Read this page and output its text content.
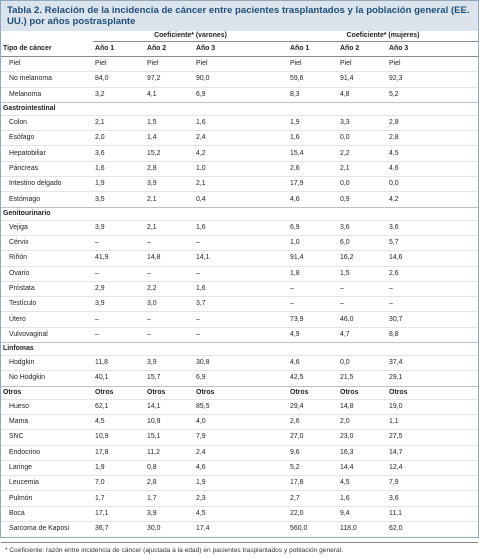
Tabla 2. Relación de la incidencia de cáncer entre pacientes trasplantados y la población general (EE. UU.) por años postrasplante
	Coeficiente* (varones)			Coeficiente* (mujeres)		
Tipo de cáncer	Año 1	Año 2	Año 3	Año 1	Año 2	Año 3
Piel	Piel	Piel	Piel	Piel	Piel	Piel
No melanoma	84,0	97,2	90,0	59,6	91,4	92,3
Melanoma	3,2	4,1	6,9	8,3	4,8	5,2
Gastrointestinal						
Colon	2,1	1,5	1,6	1,9	3,3	2,8
Esófago	2,0	1,4	2,4	1,6	0,0	2,8
Hepatobiliar	3,6	15,2	4,2	15,4	2,2	4,5
Páncreas	1,6	2,8	1,0	2,6	2,1	4,6
Intestino delgado	1,9	3,9	2,1	17,9	0,0	0,0
Estómago	3,5	2,1	0,4	4,6	0,9	4,2
Genitourinario						
Vejiga	3,9	2,1	1,6	6,9	3,6	3,6
Cérvix	–	–	–	1,0	6,0	5,7
Riñón	41,9	14,8	14,1	91,4	16,2	14,6
Ovario	–	–	–	1,8	1,5	2,6
Próstata	2,9	2,2	1,6	–	–	–
Testículo	3,9	3,0	3,7	–	–	–
Útero	–	–	–	73,9	46,0	30,7
Vulvovaginal	–	–	–	4,9	4,7	8,8
Linfomas						
Hodgkin	11,8	3,9	30,8	4,6	0,0	37,4
No Hodgkin	40,1	15,7	6,9	42,5	21,5	29,1
Otros	Otros	Otros	Otros	Otros	Otros	Otros
Hueso	62,1	14,1	85,5	29,4	14,8	19,0
Mama	4,5	10,9	4,0	2,6	2,0	1,1
SNC	10,9	15,1	7,9	27,0	23,0	27,5
Endocrino	17,8	11,2	2,4	9,6	16,3	14,7
Laringe	1,9	0,8	4,6	5,2	14,4	12,4
Leucemia	7,0	2,8	1,9	17,8	4,5	7,9
Pulmón	1,7	1,7	2,3	2,7	1,6	3,6
Boca	17,1	3,9	4,5	22,0	9,4	11,1
Sarcoma de Kaposi	36,7	30,0	17,4	560,0	118,0	62,0
* Coeficiente: razón entre incidencia de cáncer (ajustada a la edad) en pacientes trasplantados y población general.
